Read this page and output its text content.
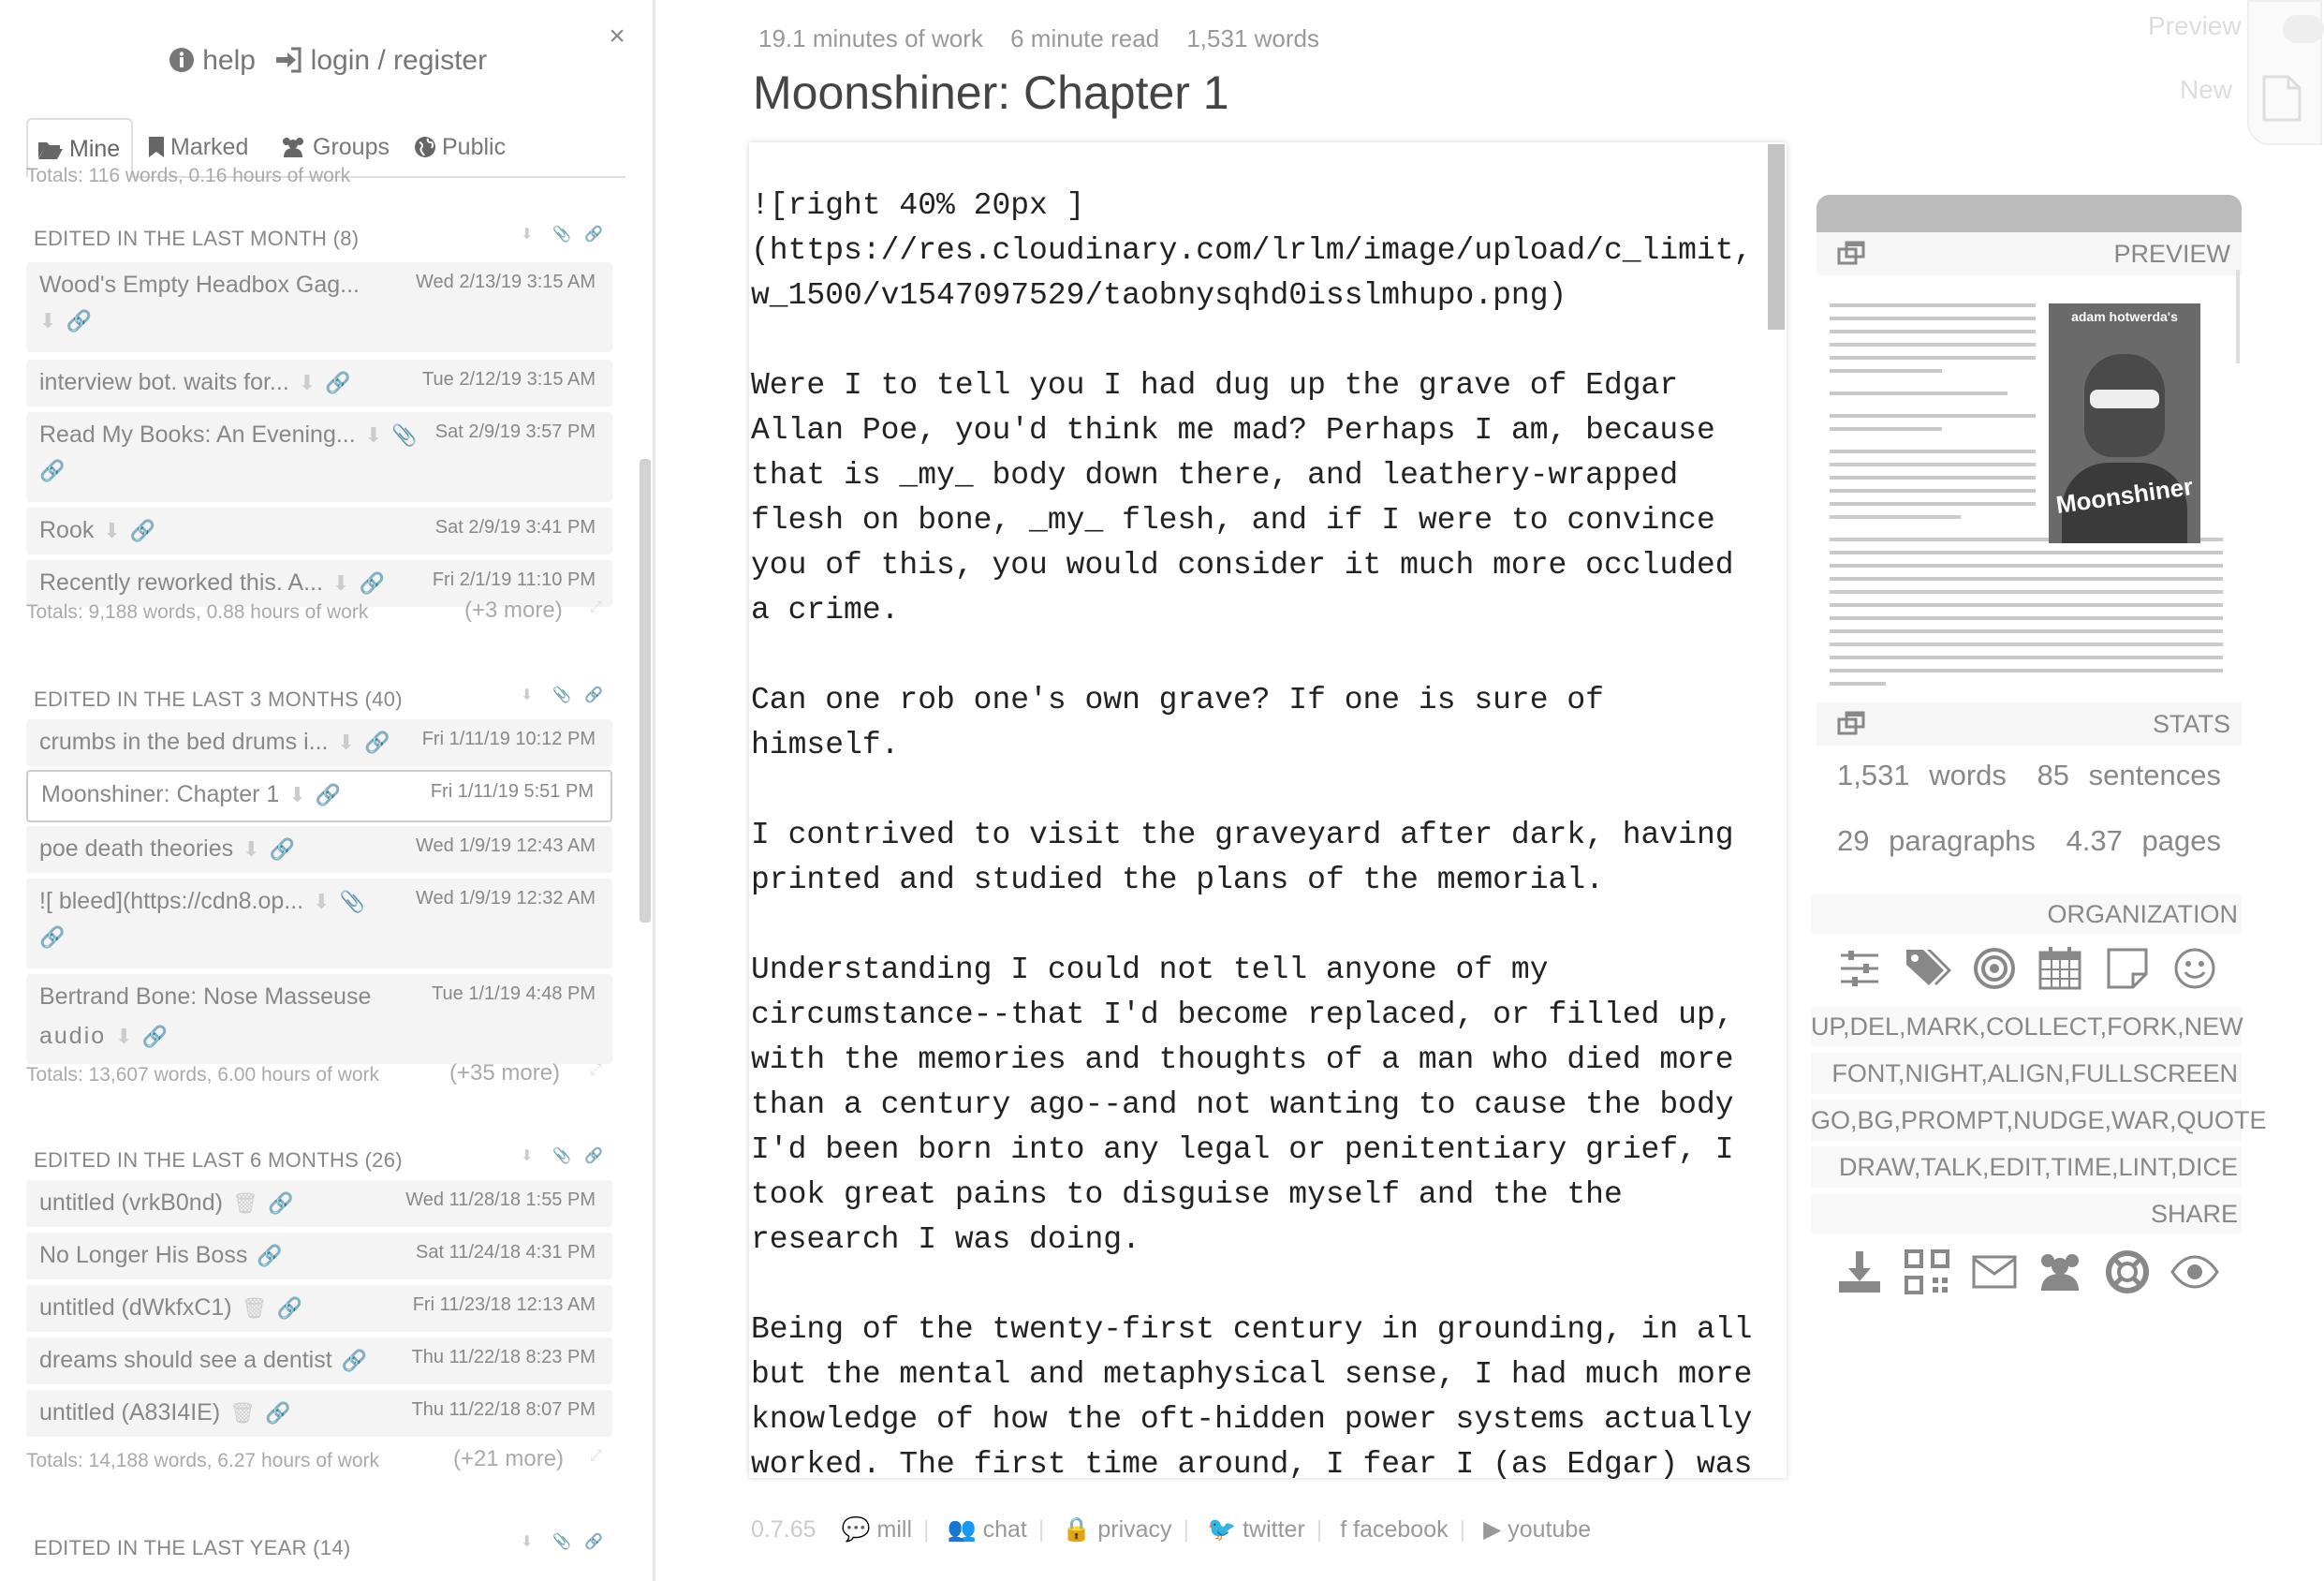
×
help login / register
Mine	Marked	Groups	Public
Totals: 116 words, 0.16 hours of work
EDITED IN THE LAST MONTH (8)	⬇ 📎 🔗
Wood's Empty Headbox Gag...	Wed 2/13/19 3:15 AM
⬇ 🔗
interview bot. waits for... ⬇ 🔗	Tue 2/12/19 3:15 AM
Read My Books: An Evening... ⬇ 📎 Sat 2/9/19 3:57 PM
🔗
Rook ⬇ 🔗	Sat 2/9/19 3:41 PM
Recently reworked this. A... ⬇ 🔗 Fri 2/1/19 11:10 PM
Totals: 9,188 words, 0.88 hours of work	(+3 more) ⤢
EDITED IN THE LAST 3 MONTHS (40)	⬇ 📎 🔗
crumbs in the bed drums i... ⬇ 🔗 Fri 1/11/19 10:12 PM
Moonshiner: Chapter 1 ⬇ 🔗	Fri 1/11/19 5:51 PM
poe death theories ⬇ 🔗	Wed 1/9/19 12:43 AM
![ bleed](https://cdn8.op... ⬇ 📎	Wed 1/9/19 12:32 AM
🔗
Bertrand Bone: Nose Masseuse	Tue 1/1/19 4:48 PM
audio ⬇ 🔗
Totals: 13,607 words, 6.00 hours of work	(+35 more) ⤢
EDITED IN THE LAST 6 MONTHS (26)	⬇ 📎 🔗
untitled (vrkB0nd) 🗑 🔗	Wed 11/28/18 1:55 PM
No Longer His Boss 🔗	Sat 11/24/18 4:31 PM
untitled (dWkfxC1) 🗑 🔗	Fri 11/23/18 12:13 AM
dreams should see a dentist 🔗 Thu 11/22/18 8:23 PM
untitled (A83I4IE) 🗑 🔗	Thu 11/22/18 8:07 PM
Totals: 14,188 words, 6.27 hours of work	(+21 more) ⤢
EDITED IN THE LAST YEAR (14)	⬇ 📎 🔗
19.1 minutes of work 6 minute read 1,531 words
Moonshiner: Chapter 1
Preview
New
![right 40% 20px ]
(https://res.cloudinary.com/lrlm/image/upload/c_limit,
w_1500/v1547097529/taobnysqhd0isslmhupo.png)

Were I to tell you I had dug up the grave of Edgar
Allan Poe, you'd think me mad? Perhaps I am, because
that is _my_ body down there, and leathery-wrapped
flesh on bone, _my_ flesh, and if I were to convince
you of this, you would consider it much more occluded
a crime.

Can one rob one's own grave? If one is sure of
himself.

I contrived to visit the graveyard after dark, having
printed and studied the plans of the memorial.

Understanding I could not tell anyone of my
circumstance--that I'd become replaced, or filled up,
with the memories and thoughts of a man who died more
than a century ago--and not wanting to cause the body
I'd been born into any legal or penitentiary grief, I
took great pains to disguise myself and the the
research I was doing.

Being of the twenty-first century in grounding, in all
but the mental and metaphysical sense, I had much more
knowledge of how the oft-hidden power systems actually
worked. The first time around, I fear I (as Edgar) was
PREVIEW
adam hotwerda's
Moonshiner
STATS
1,531 words 85 sentences
29 paragraphs 4.37 pages
ORGANIZATION
UP,DEL,MARK,COLLECT,FORK,NEW
FONT,NIGHT,ALIGN,FULLSCREEN
GO,BG,PROMPT,NUDGE,WAR,QUOTE
DRAW,TALK,EDIT,TIME,LINT,DICE
SHARE
0.7.65 💬 mill | 👥 chat | 🔒 privacy | 🐦 twitter | f facebook | ▶ youtube
